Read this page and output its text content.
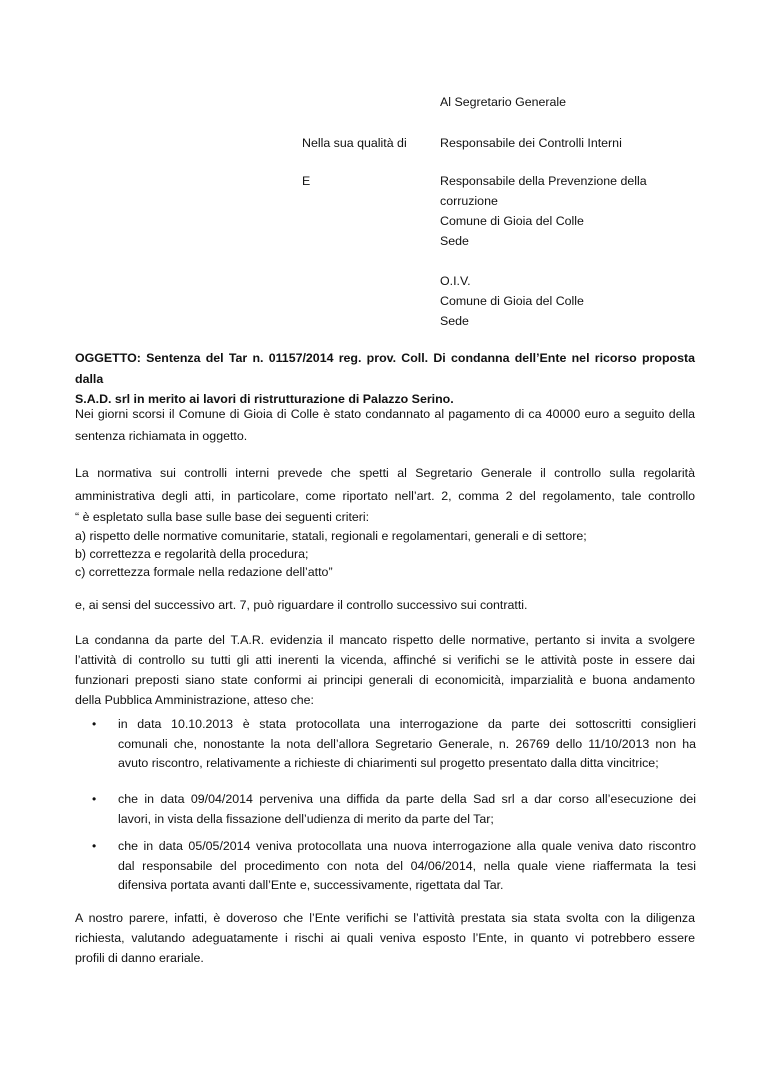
Al Segretario Generale
Nella sua qualità di	Responsabile dei Controlli Interni
E	Responsabile della Prevenzione della
corruzione
Comune di Gioia del Colle
Sede
O.I.V.
Comune di Gioia del Colle
Sede
OGGETTO: Sentenza del Tar n. 01157/2014 reg. prov. Coll. Di condanna dell’Ente nel ricorso proposta dalla
S.A.D. srl in merito ai lavori di ristrutturazione di Palazzo Serino.
Nei giorni scorsi il Comune di Gioia di Colle è stato condannato al pagamento di ca 40000 euro a seguito della
sentenza richiamata in oggetto.
La normativa sui controlli interni prevede che spetti al Segretario Generale il controllo sulla regolarità
amministrativa degli atti, in particolare, come riportato nell’art. 2, comma 2 del regolamento, tale controllo
“ è espletato sulla base sulle base dei seguenti criteri:
a) rispetto delle normative comunitarie, statali, regionali e regolamentari, generali e di settore;
b) correttezza e regolarità della procedura;
c) correttezza formale nella redazione dell’atto”
e, ai sensi del successivo art. 7, può riguardare il controllo successivo sui contratti.
La condanna da parte del T.A.R. evidenzia il mancato rispetto delle normative, pertanto si invita a svolgere
l’attività di controllo su tutti gli atti inerenti la vicenda, affinché si verifichi se le attività poste in essere dai
funzionari preposti siano state conformi ai principi generali di economicità, imparzialità e buona andamento
della Pubblica Amministrazione, atteso che:
•	in data 10.10.2013 è stata protocollata una interrogazione da parte dei sottoscritti consiglieri
comunali che, nonostante la nota dell’allora Segretario Generale, n. 26769 dello 11/10/2013 non ha
avuto riscontro, relativamente a richieste di chiarimenti sul progetto presentato dalla ditta vincitrice;
•	che in data 09/04/2014 perveniva una diffida da parte della Sad srl a dar corso all’esecuzione dei
lavori, in vista della fissazione dell’udienza di merito da parte del Tar;
•	che in data 05/05/2014 veniva protocollata una nuova interrogazione alla quale veniva dato riscontro
dal responsabile del procedimento con nota del 04/06/2014, nella quale viene riaffermata la tesi
difensiva portata avanti dall’Ente e, successivamente, rigettata dal Tar.
A nostro parere, infatti, è doveroso che l’Ente verifichi se l’attività prestata sia stata svolta con la diligenza
richiesta, valutando adeguatamente i rischi ai quali veniva esposto l’Ente, in quanto vi potrebbero essere
profili di danno erariale.
